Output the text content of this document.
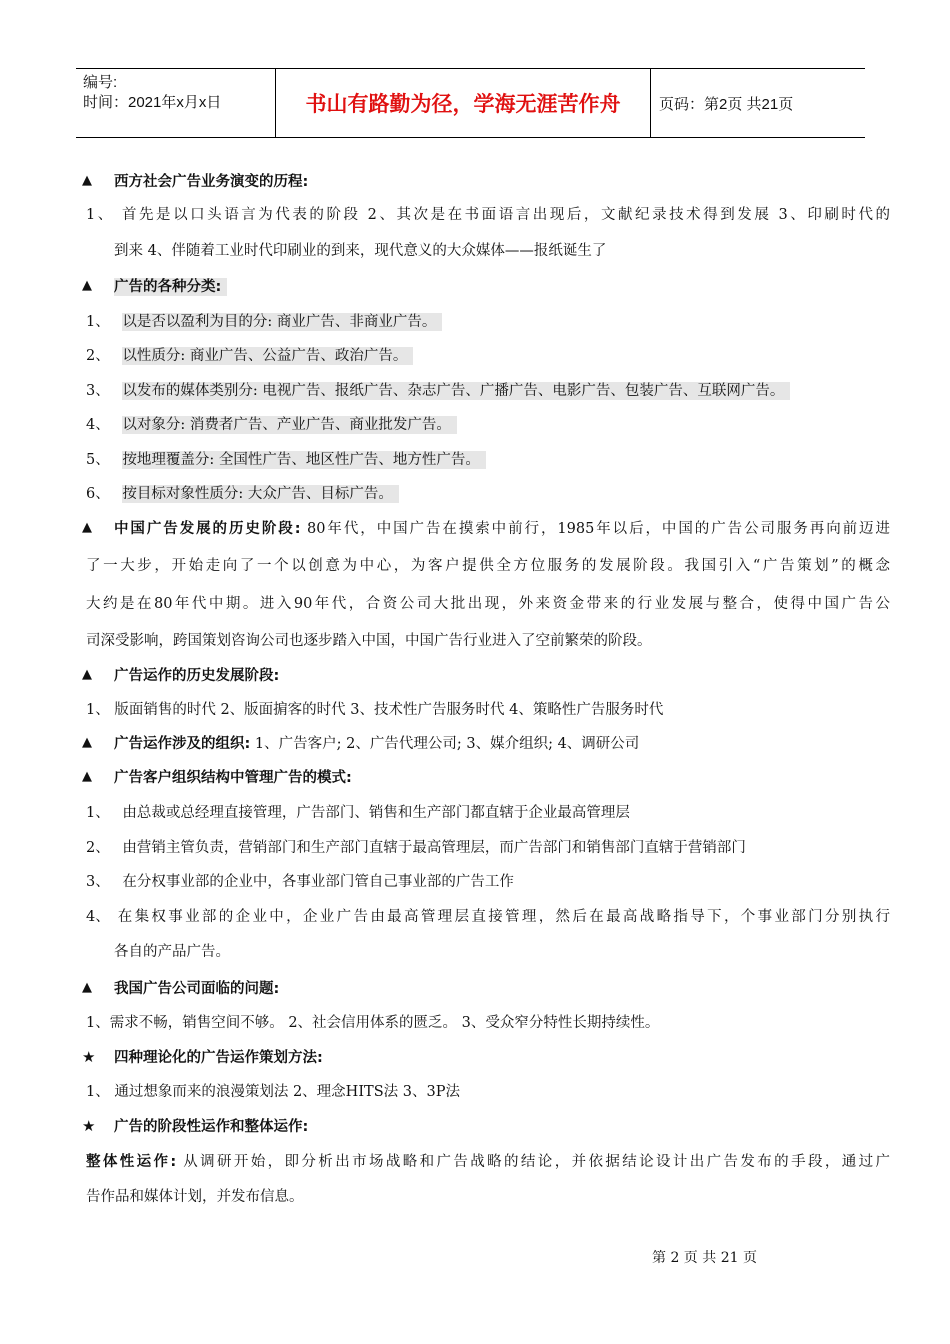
编号:
时间：2021年x月x日	书山有路勤为径，学海无涯苦作舟	页码：第2页 共21页
▲ 西方社会广告业务演变的历程:
1、 首先是以口头语言为代表的阶段 2、其次是在书面语言出现后，文献纪录技术得到发展 3、印刷时代的
到来 4、伴随着工业时代印刷业的到来，现代意义的大众媒体——报纸诞生了
▲ 广告的各种分类:
1、 以是否以盈利为目的分: 商业广告、非商业广告。
2、 以性质分: 商业广告、公益广告、政治广告。
3、 以发布的媒体类别分: 电视广告、报纸广告、杂志广告、广播广告、电影广告、包装广告、互联网广告。
4、 以对象分: 消费者广告、产业广告、商业批发广告。
5、 按地理覆盖分: 全国性广告、地区性广告、地方性广告。
6、 按目标对象性质分: 大众广告、目标广告。
▲ 中国广告发展的历史阶段: 80年代，中国广告在摸索中前行，1985年以后，中国的广告公司服务再向前迈进
了一大步，开始走向了一个以创意为中心，为客户提供全方位服务的发展阶段。我国引入“广告策划”的概念
大约是在80年代中期。进入90年代，合资公司大批出现，外来资金带来的行业发展与整合，使得中国广告公
司深受影响，跨国策划咨询公司也逐步踏入中国，中国广告行业进入了空前繁荣的阶段。
▲ 广告运作的历史发展阶段:
1、 版面销售的时代 2、版面掮客的时代 3、技术性广告服务时代 4、策略性广告服务时代
▲ 广告运作涉及的组织: 1、广告客户; 2、广告代理公司; 3、媒介组织; 4、调研公司
▲ 广告客户组织结构中管理广告的模式:
1、 由总裁或总经理直接管理，广告部门、销售和生产部门都直辖于企业最高管理层
2、 由营销主管负责，营销部门和生产部门直辖于最高管理层，而广告部门和销售部门直辖于营销部门
3、 在分权事业部的企业中，各事业部门管自己事业部的广告工作
4、 在集权事业部的企业中，企业广告由最高管理层直接管理，然后在最高战略指导下，个事业部门分别执行
各自的产品广告。
▲ 我国广告公司面临的问题:
1、需求不畅，销售空间不够。 2、社会信用体系的匮乏。 3、受众窄分特性长期持续性。
★ 四种理论化的广告运作策划方法:
1、 通过想象而来的浪漫策划法 2、理念HITS法 3、3P法
★ 广告的阶段性运作和整体运作:
整体性运作: 从调研开始，即分析出市场战略和广告战略的结论，并依据结论设计出广告发布的手段，通过广
告作品和媒体计划，并发布信息。
第 2 页 共 21 页
